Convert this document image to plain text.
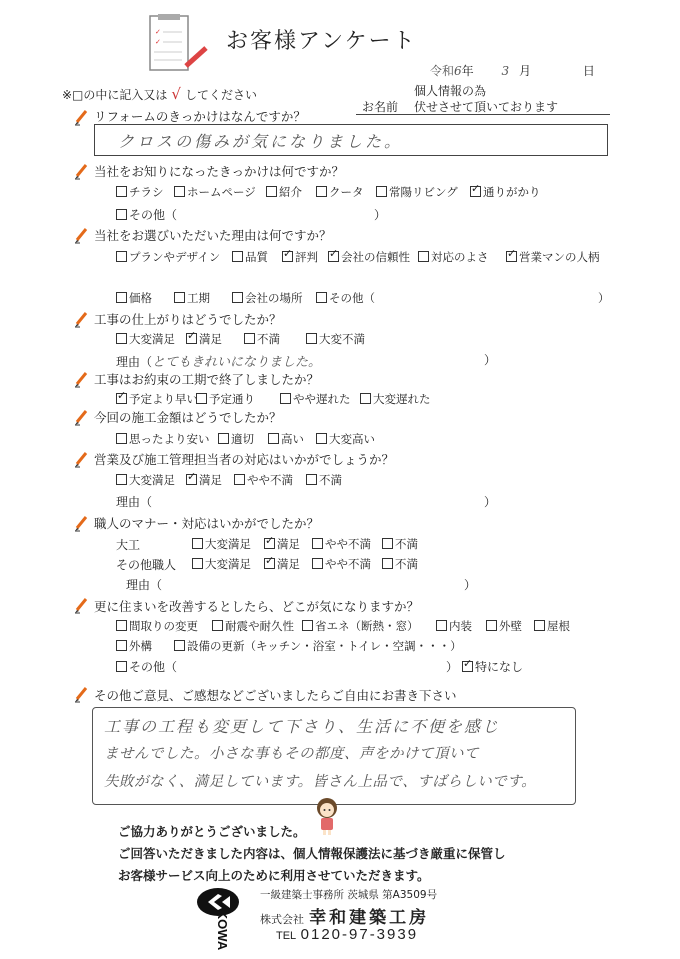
✓
✓	お客様アンケート
令和6年 3 月	日
※□の中に記入又は √ してください	個人情報の為
お名前 伏せさせて頂いております
リフォームのきっかけはなんですか？
クロスの傷みが気になりました。
当社をお知りになったきっかけは何ですか？
チラシ	ホームページ	紹介	クータ	常陽リビング ✓	通りがかり
その他（	）
当社をお選びいただいた理由は何ですか？
プランやデザイン	品質 ✓	評判 ✓	会社の信頼性	対応のよさ ✓	営業マンの人柄
価格	工期	会社の場所	その他（	）
工事の仕上がりはどうでしたか？
大変満足 ✓	満足	不満	大変不満
理由（とてもきれいになりました。	）
工事はお約束の工期で終了しましたか？
✓予定より早い 予定通り	やや遅れた	大変遅れた
今回の施工金額はどうでしたか？
思ったより安い	適切	高い	大変高い
営業及び施工管理担当者の対応はいかがでしょうか？
大変満足 ✓	満足	やや不満	不満
理由（	）
職人のマナー・対応はいかがでしたか？
大工	大変満足 ✓	満足	やや不満	不満
その他職人	大変満足 ✓	満足	やや不満	不満
理由（	）
更に住まいを改善するとしたら、どこが気になりますか？
間取りの変更	耐震や耐久性	省エネ（断熱・窓）	内装	外壁	屋根
外構	設備の更新（キッチン・浴室・トイレ・空調・・・）
その他（	） ✓	特になし
その他ご意見、ご感想などございましたらご自由にお書き下さい
工事の工程も変更して下さり、生活に不便を感じ
ませんでした。小さな事もその都度、声をかけて頂いて
失敗がなく、満足しています。皆さん上品で、すばらしいです。
ご協力ありがとうございました。
ご回答いただきました内容は、個人情報保護法に基づき厳重に保管し
お客様サービス向上のために利用させていただきます。
KOWA
一級建築士事務所 茨城県 第A3509号
株式会社 幸和建築工房
TEL 0120-97-3939
